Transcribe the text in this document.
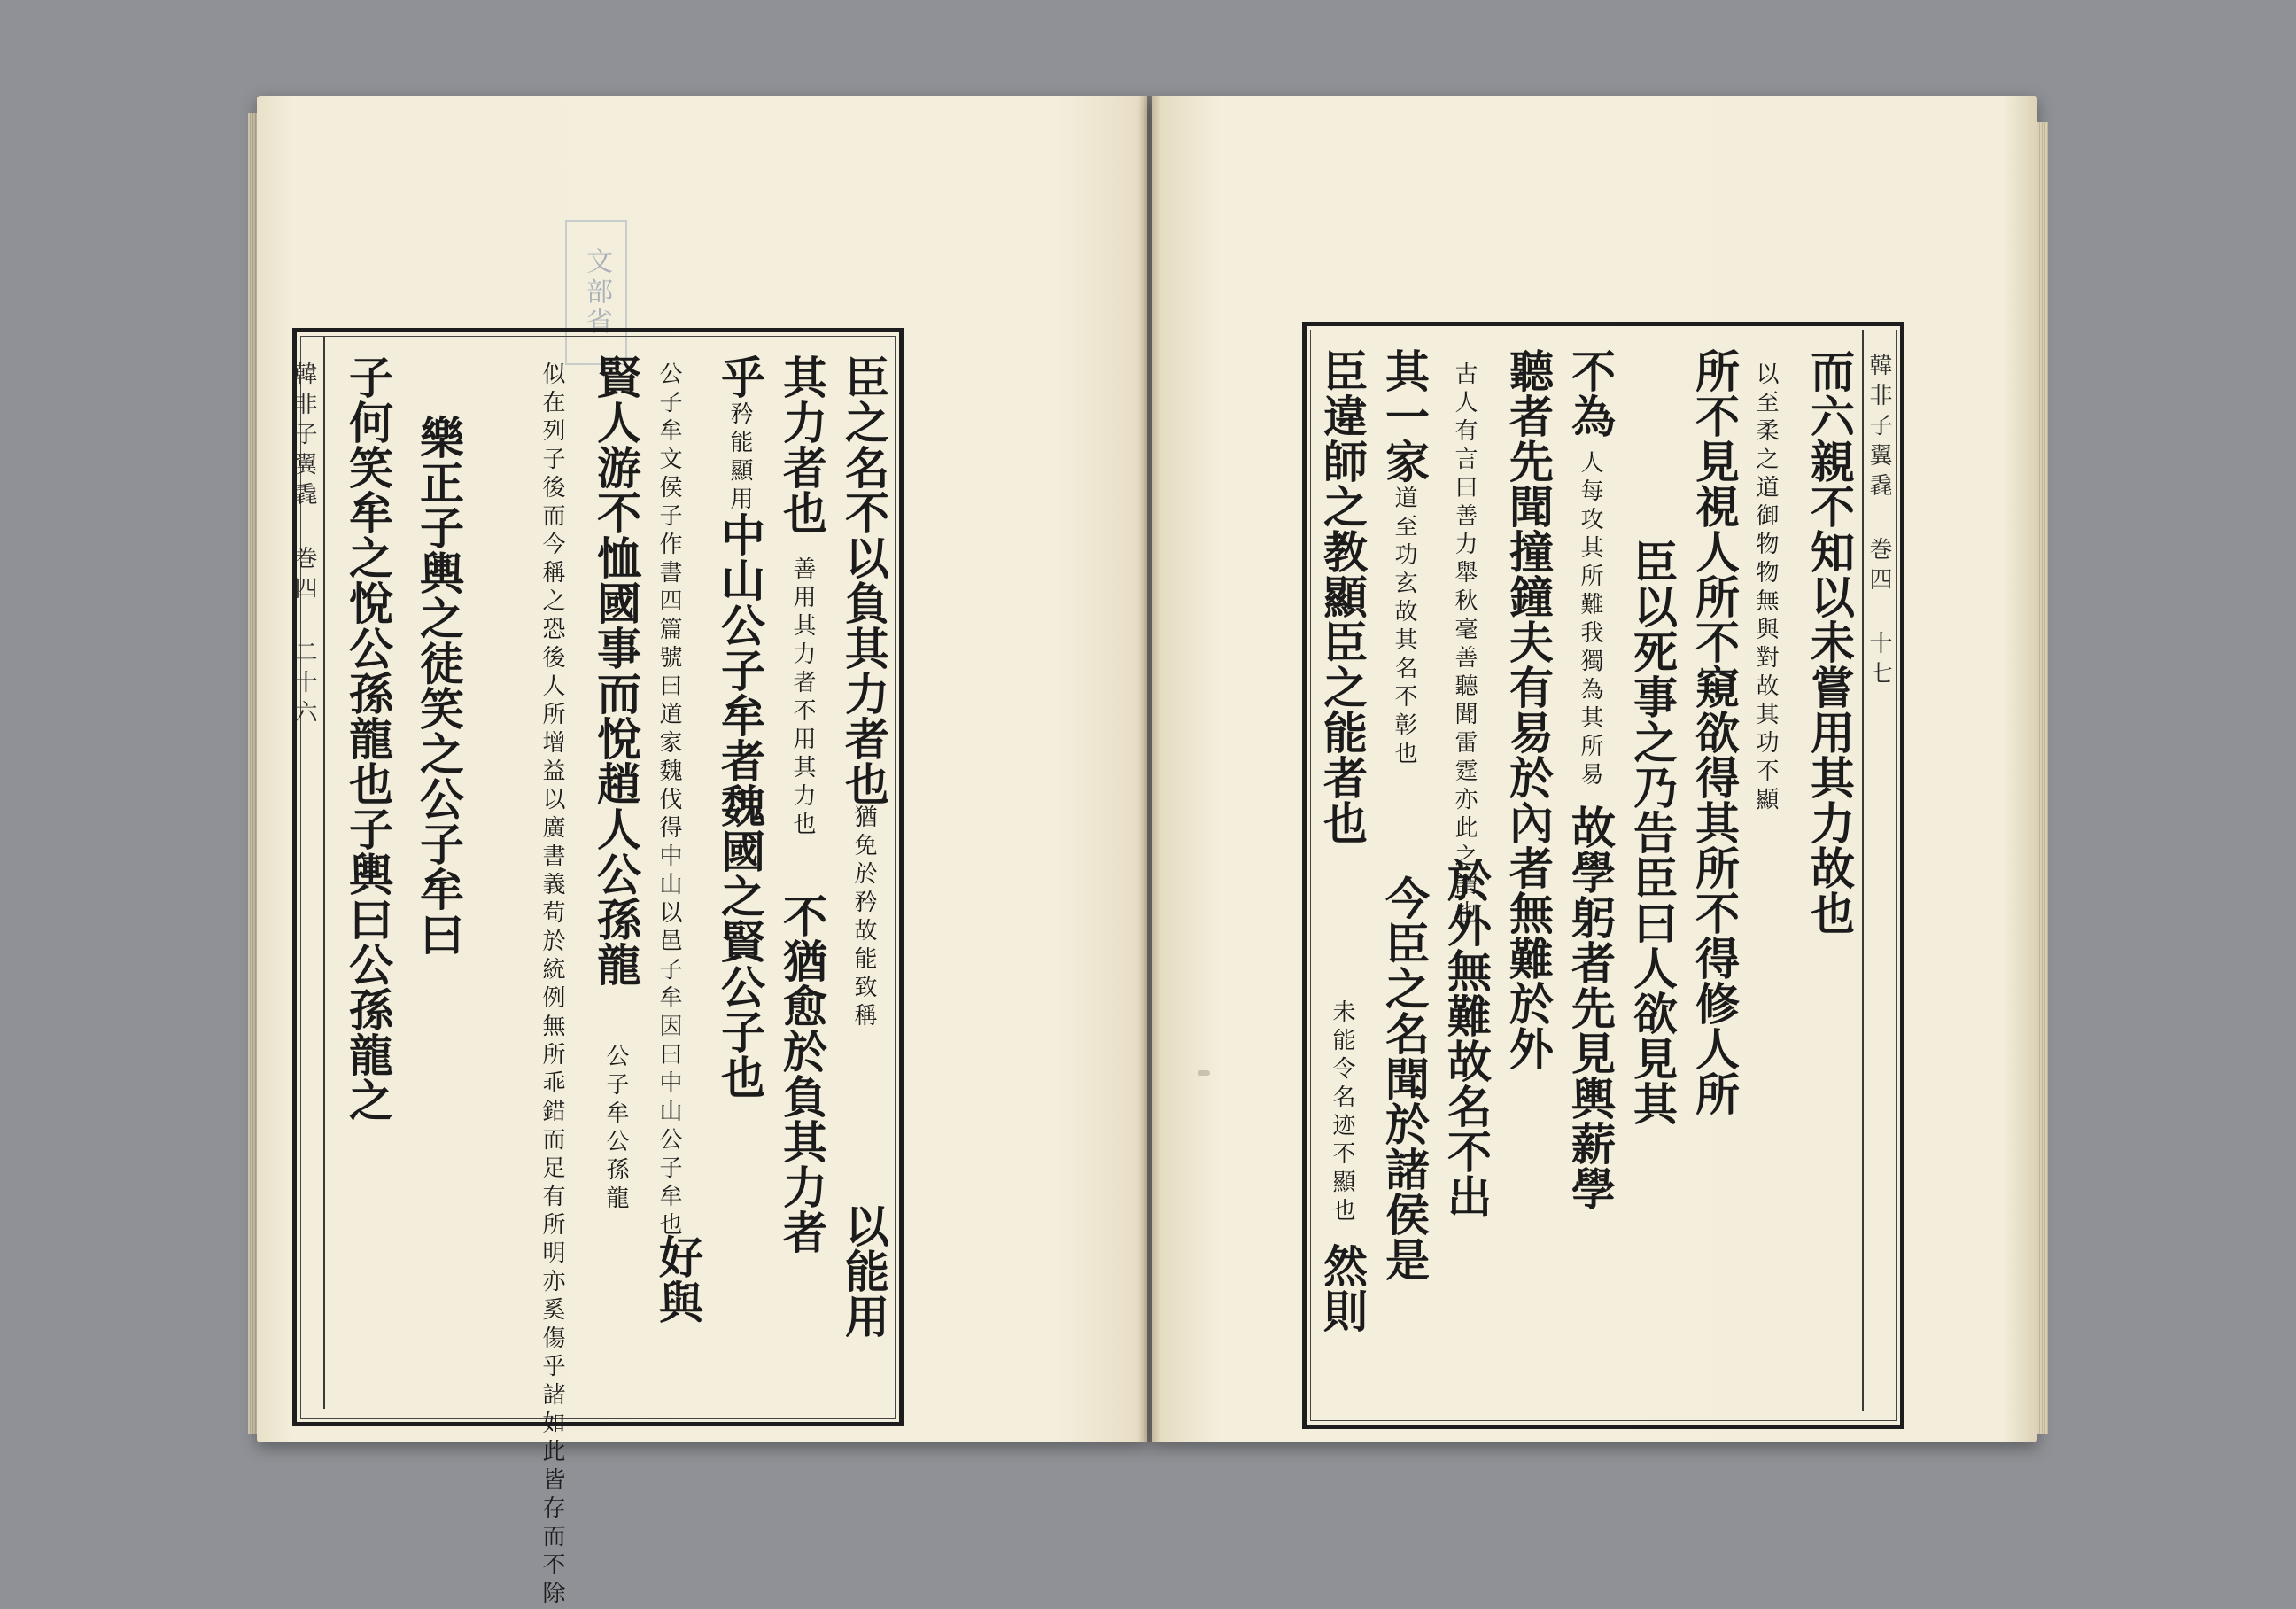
文部省
韓非子翼毳 巻四 二十六	臣之名不以負其力者也
猶免於矜故能致稱
以能用
其力者也
善用其力者不用其力也
不猶愈於負其力者
乎
矜能顯用
中山公子牟者魏國之賢公子也
公子牟文侯子作書四篇號曰道家魏伐得中山以邑子牟因曰中山公子牟也
好與
賢人游不恤國事而悅趙人公孫龍
公子牟公孫龍
似在列子後而今稱之恐後人所增益以廣書義苟於統例無所乖錯而足有所明亦奚傷乎諸如此皆存而不除
樂正子輿之徒笑之公子牟曰
子何笑牟之悅公孫龍也子輿曰公孫龍之	韓非子翼毳 巻四 十七
而六親不知以未嘗用其力故也
以至柔之道御物物無與對故其功不顯
所不見視人所不窺欲得其所不得修人所
臣以死事之乃告臣曰人欲見其
不為
人每攻其所難我獨為其所易
故學躬者先見輿薪學
聽者先聞撞鐘夫有易於內者無難於外
古人有言曰善力舉秋毫善聽聞雷霆亦此之謂也
於外無難故名不出
其一家
道至功玄故其名不彰也
今臣之名聞於諸侯是
臣違師之教顯臣之能者也
未能令名迹不顯也
然則
